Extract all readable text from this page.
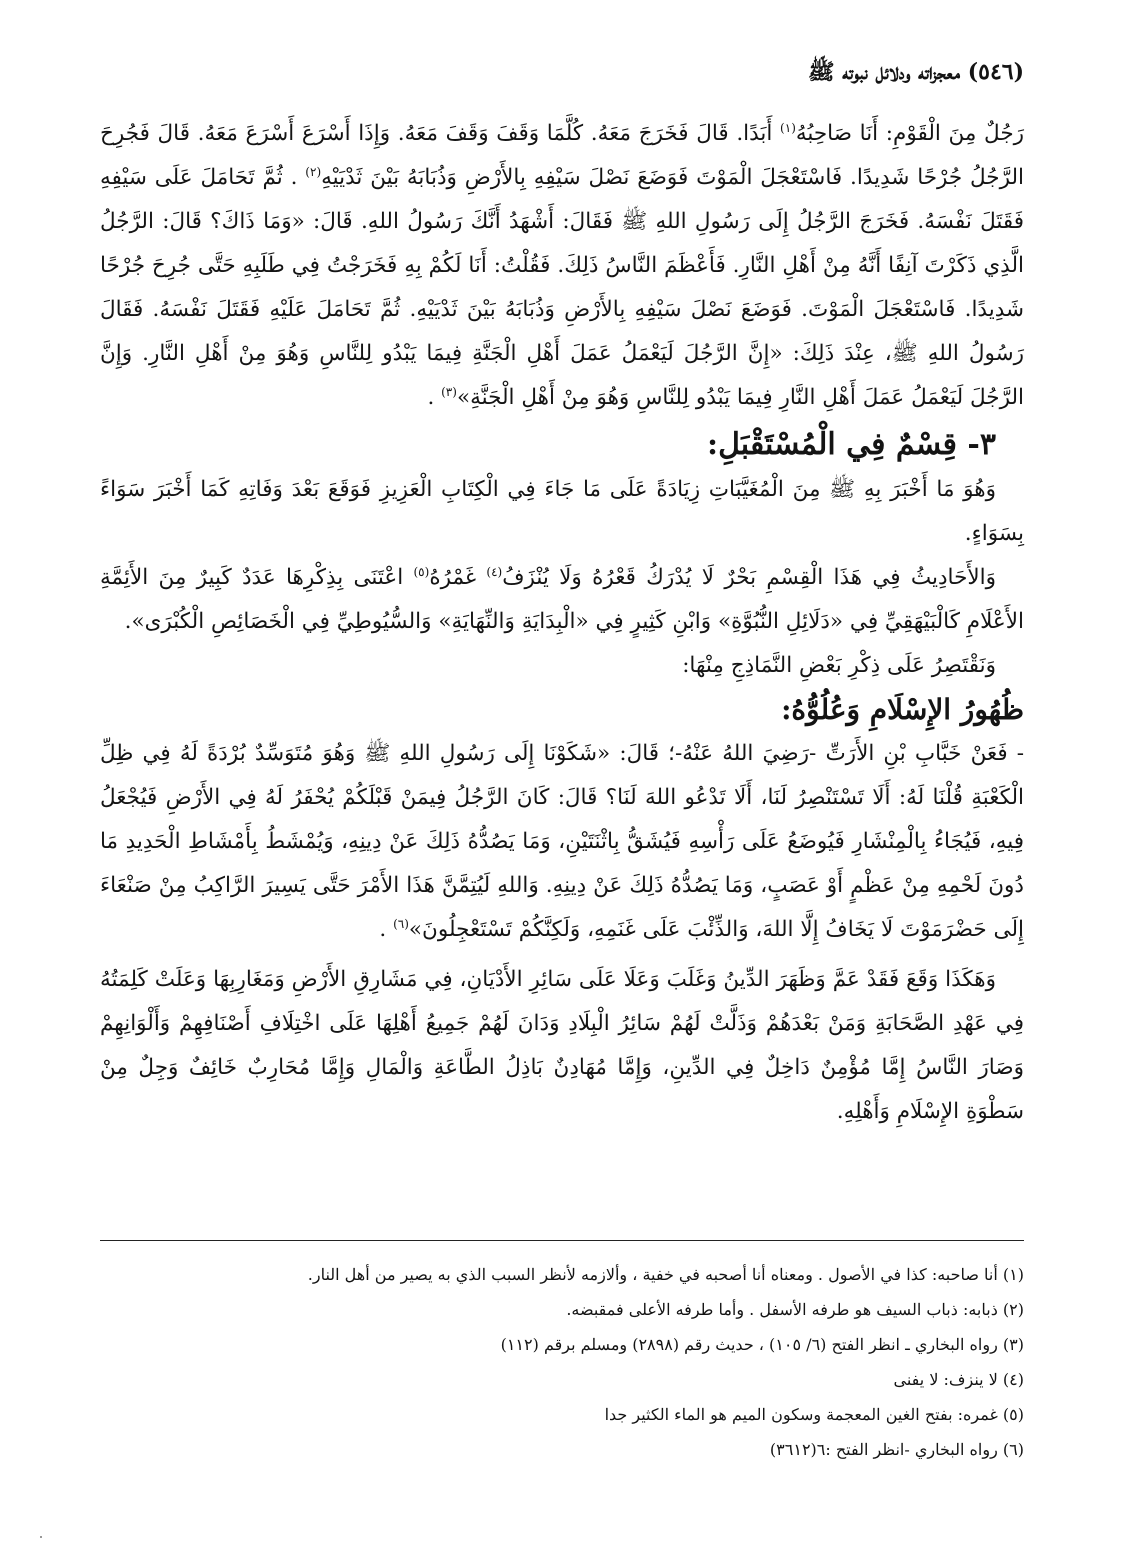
(٥٤٦) معجزاته ودلائل نبوته ﷺ

رَجُلٌ مِنَ الْقَوْمِ: أَنَا صَاحِبُهُ$^{(١)}$ أَبَدًا. قَالَ فَخَرَجَ مَعَهُ. كُلَّمَا وَقَفَ وَقَفَ مَعَهُ. وَإِذَا أَسْرَعَ أَسْرَعَ مَعَهُ. قَالَ فَجُرِحَ الرَّجُلُ جُرْحًا شَدِيدًا. فَاسْتَعْجَلَ الْمَوْتَ فَوَضَعَ نَصْلَ سَيْفِهِ بِالأَرْضِ وَذُبَابَهُ بَيْنَ ثَدْيَيْهِ$^{(٢)}$ . ثُمَّ تَحَامَلَ عَلَى سَيْفِهِ فَقَتَلَ نَفْسَهُ. فَخَرَجَ الرَّجُلُ إِلَى رَسُولِ اللهِ ﷺ فَقَالَ: أَشْهَدُ أَنَّكَ رَسُولُ اللهِ. قَالَ: «وَمَا ذَاكَ؟ قَالَ: الرَّجُلُ الَّذِي ذَكَرْتَ آنِفًا أَنَّهُ مِنْ أَهْلِ النَّارِ. فَأَعْظَمَ النَّاسُ ذَلِكَ. فَقُلْتُ: أَنَا لَكُمْ بِهِ فَخَرَجْتُ فِي طَلَبِهِ حَتَّى جُرِحَ جُرْحًا شَدِيدًا. فَاسْتَعْجَلَ الْمَوْتَ. فَوَضَعَ نَصْلَ سَيْفِهِ بِالأَرْضِ وَذُبَابَهُ بَيْنَ ثَدْيَيْهِ. ثُمَّ تَحَامَلَ عَلَيْهِ فَقَتَلَ نَفْسَهُ. فَقَالَ رَسُولُ اللهِ ﷺ، عِنْدَ ذَلِكَ: «إِنَّ الرَّجُلَ لَيَعْمَلُ عَمَلَ أَهْلِ الْجَنَّةِ فِيمَا يَبْدُو لِلنَّاسِ وَهُوَ مِنْ أَهْلِ النَّارِ. وَإِنَّ الرَّجُلَ لَيَعْمَلُ عَمَلَ أَهْلِ النَّارِ فِيمَا يَبْدُو لِلنَّاسِ وَهُوَ مِنْ أَهْلِ الْجَنَّةِ»$^{(٣)}$ .

٣- قِسْمٌ فِي الْمُسْتَقْبَلِ:

وَهُوَ مَا أَخْبَرَ بِهِ ﷺ مِنَ الْمُغَيَّبَاتِ زِيَادَةً عَلَى مَا جَاءَ فِي الْكِتَابِ الْعَزِيزِ فَوَقَعَ بَعْدَ وَفَاتِهِ كَمَا أَخْبَرَ سَوَاءً بِسَوَاءٍ.

وَالأَحَادِيثُ فِي هَذَا الْقِسْمِ بَحْرٌ لَا يُدْرَكُ قَعْرُهُ وَلَا يُنْزَفُ$^{(٤)}$ غَمْرُهُ$^{(٥)}$ اعْتَنَى بِذِكْرِهَا عَدَدٌ كَبِيرٌ مِنَ الأَئِمَّةِ الأَعْلَامِ كَالْبَيْهَقِيِّ فِي «دَلَائِلِ النُّبُوَّةِ» وَابْنِ كَثِيرٍ فِي «الْبِدَايَةِ وَالنِّهَايَةِ» وَالسُّيُوطِيِّ فِي الْخَصَائِصِ الْكُبْرَى».

وَنَقْتَصِرُ عَلَى ذِكْرِ بَعْضِ النَّمَاذِجِ مِنْهَا:

ظُهُورُ الإِسْلَامِ وَعُلُوُّهُ:

- فَعَنْ خَبَّابِ بْنِ الأَرَتِّ -رَضِيَ اللهُ عَنْهُ-؛ قَالَ: «شَكَوْنَا إِلَى رَسُولِ اللهِ ﷺ وَهُوَ مُتَوَسِّدٌ بُرْدَةً لَهُ فِي ظِلِّ الْكَعْبَةِ قُلْنَا لَهُ: أَلَا تَسْتَنْصِرُ لَنَا، أَلَا تَدْعُو اللهَ لَنَا؟ قَالَ: كَانَ الرَّجُلُ فِيمَنْ قَبْلَكُمْ يُحْفَرُ لَهُ فِي الأَرْضِ فَيُجْعَلُ فِيهِ، فَيُجَاءُ بِالْمِنْشَارِ فَيُوضَعُ عَلَى رَأْسِهِ فَيُشَقُّ بِاثْنَتَيْنِ، وَمَا يَصُدُّهُ ذَلِكَ عَنْ دِينِهِ، وَيُمْشَطُ بِأَمْشَاطِ الْحَدِيدِ مَا دُونَ لَحْمِهِ مِنْ عَظْمٍ أَوْ عَصَبٍ، وَمَا يَصُدُّهُ ذَلِكَ عَنْ دِينِهِ. وَاللهِ لَيُتِمَّنَّ هَذَا الأَمْرَ حَتَّى يَسِيرَ الرَّاكِبُ مِنْ صَنْعَاءَ إِلَى حَضْرَمَوْتَ لَا يَخَافُ إِلَّا اللهَ، وَالذِّئْبَ عَلَى غَنَمِهِ، وَلَكِنَّكُمْ تَسْتَعْجِلُونَ»$^{(٦)}$ .

وَهَكَذَا وَقَعَ فَقَدْ عَمَّ وَظَهَرَ الدِّينُ وَغَلَبَ وَعَلَا عَلَى سَائِرِ الأَدْيَانِ، فِي مَشَارِقِ الأَرْضِ وَمَغَارِبِهَا وَعَلَتْ كَلِمَتُهُ فِي عَهْدِ الصَّحَابَةِ وَمَنْ بَعْدَهُمْ وَذَلَّتْ لَهُمْ سَائِرُ الْبِلَادِ وَدَانَ لَهُمْ جَمِيعُ أَهْلِهَا عَلَى اخْتِلَافِ أَصْنَافِهِمْ وَأَلْوَانِهِمْ وَصَارَ النَّاسُ إِمَّا مُؤْمِنٌ دَاخِلٌ فِي الدِّينِ، وَإِمَّا مُهَادِنٌ بَاذِلُ الطَّاعَةِ وَالْمَالِ وَإِمَّا مُحَارِبٌ خَائِفٌ وَجِلٌ مِنْ سَطْوَةِ الإِسْلَامِ وَأَهْلِهِ.

(١) أنا صاحبه: كذا في الأصول . ومعناه أنا أصحبه في خفية ، وألازمه لأنظر السبب الذي به يصير من أهل النار.

(٢) ذبابه: ذباب السيف هو طرفه الأسفل . وأما طرفه الأعلى فمقبضه.

(٣) رواه البخاري ـ انظر الفتح (٦/ ١٠٥) ، حديث رقم (٢٨٩٨) ومسلم برقم (١١٢)

(٤) لا ينزف: لا يفنى

(٥) غمره: بفتح الغين المعجمة وسكون الميم هو الماء الكثير جدا

(٦) رواه البخاري -انظر الفتح :٦(٣٦١٢)
